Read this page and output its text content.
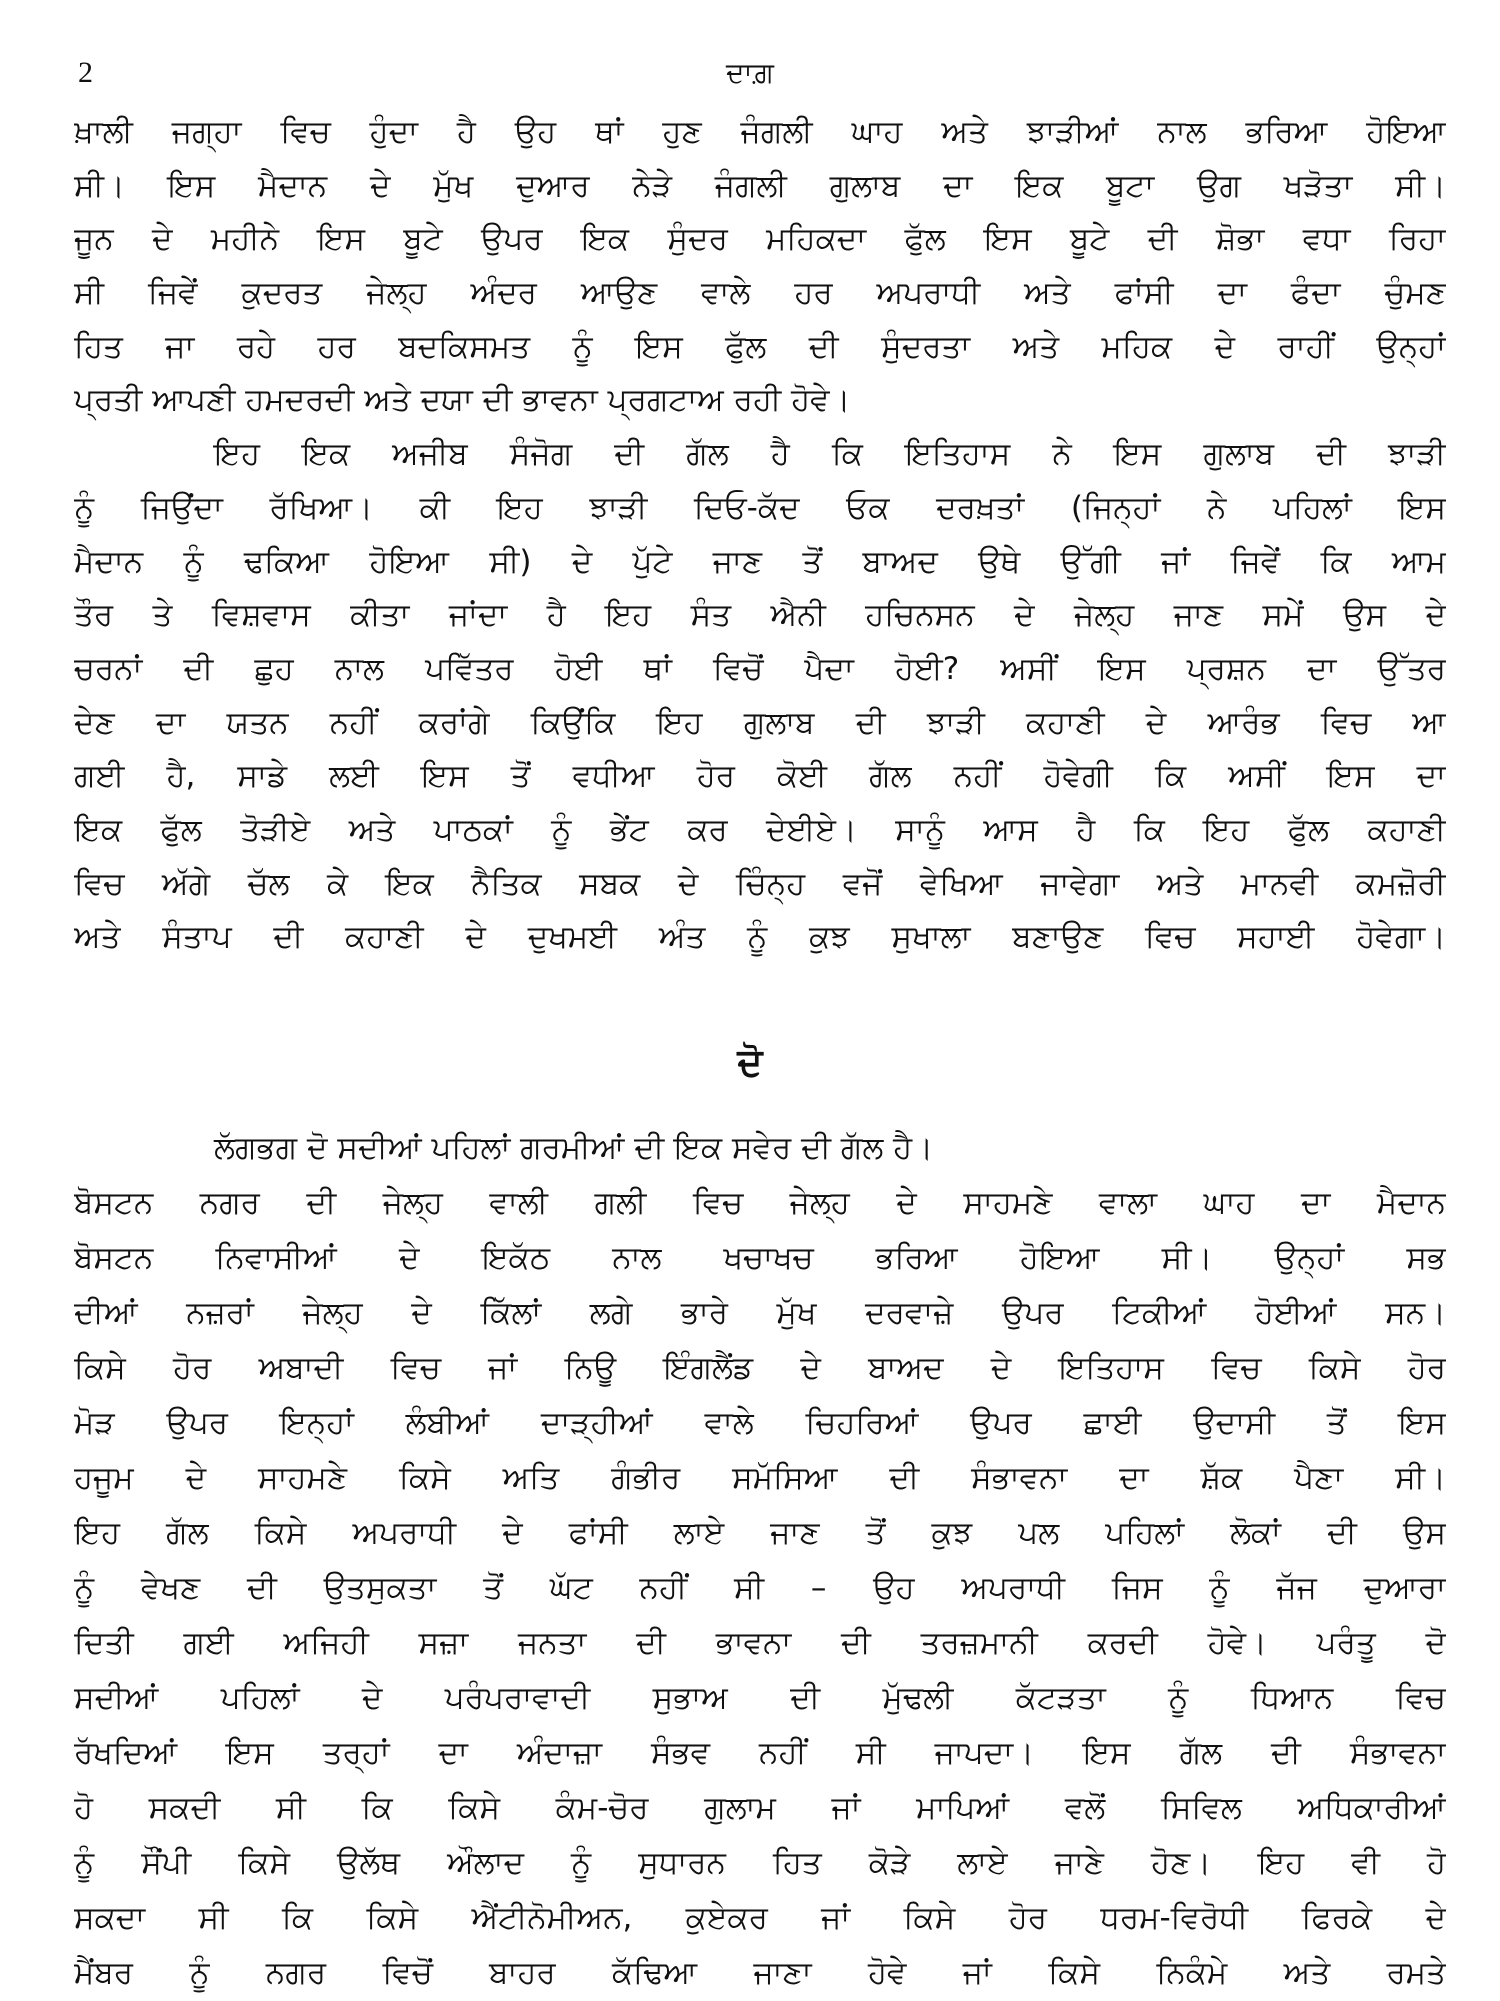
2	ਦਾਗ਼
ਖ਼ਾਲੀ ਜਗ੍ਹਾ ਵਿਚ ਹੁੰਦਾ ਹੈ ਉਹ ਥਾਂ ਹੁਣ ਜੰਗਲੀ ਘਾਹ ਅਤੇ ਝਾੜੀਆਂ ਨਾਲ ਭਰਿਆ ਹੋਇਆ
ਸੀ। ਇਸ ਮੈਦਾਨ ਦੇ ਮੁੱਖ ਦੁਆਰ ਨੇੜੇ ਜੰਗਲੀ ਗੁਲਾਬ ਦਾ ਇਕ ਬੂਟਾ ਉਗ ਖੜੋਤਾ ਸੀ।
ਜੂਨ ਦੇ ਮਹੀਨੇ ਇਸ ਬੂਟੇ ਉਪਰ ਇਕ ਸੁੰਦਰ ਮਹਿਕਦਾ ਫੁੱਲ ਇਸ ਬੂਟੇ ਦੀ ਸ਼ੋਭਾ ਵਧਾ ਰਿਹਾ
ਸੀ ਜਿਵੇਂ ਕੁਦਰਤ ਜੇਲ੍ਹ ਅੰਦਰ ਆਉਣ ਵਾਲੇ ਹਰ ਅਪਰਾਧੀ ਅਤੇ ਫਾਂਸੀ ਦਾ ਫੰਦਾ ਚੁੰਮਣ
ਹਿਤ ਜਾ ਰਹੇ ਹਰ ਬਦਕਿਸਮਤ ਨੂੰ ਇਸ ਫੁੱਲ ਦੀ ਸੁੰਦਰਤਾ ਅਤੇ ਮਹਿਕ ਦੇ ਰਾਹੀਂ ਉਨ੍ਹਾਂ
ਪ੍ਰਤੀ ਆਪਣੀ ਹਮਦਰਦੀ ਅਤੇ ਦਯਾ ਦੀ ਭਾਵਨਾ ਪ੍ਰਗਟਾਅ ਰਹੀ ਹੋਵੇ।
ਇਹ ਇਕ ਅਜੀਬ ਸੰਜੋਗ ਦੀ ਗੱਲ ਹੈ ਕਿ ਇਤਿਹਾਸ ਨੇ ਇਸ ਗੁਲਾਬ ਦੀ ਝਾੜੀ
ਨੂੰ ਜਿਉਂਦਾ ਰੱਖਿਆ। ਕੀ ਇਹ ਝਾੜੀ ਦਿਓ-ਕੱਦ ਓਕ ਦਰਖ਼ਤਾਂ (ਜਿਨ੍ਹਾਂ ਨੇ ਪਹਿਲਾਂ ਇਸ
ਮੈਦਾਨ ਨੂੰ ਢਕਿਆ ਹੋਇਆ ਸੀ) ਦੇ ਪੁੱਟੇ ਜਾਣ ਤੋਂ ਬਾਅਦ ਉਥੇ ਉੱਗੀ ਜਾਂ ਜਿਵੇਂ ਕਿ ਆਮ
ਤੌਰ ਤੇ ਵਿਸ਼ਵਾਸ ਕੀਤਾ ਜਾਂਦਾ ਹੈ ਇਹ ਸੰਤ ਐਨੀ ਹਚਿਨਸਨ ਦੇ ਜੇਲ੍ਹ ਜਾਣ ਸਮੇਂ ਉਸ ਦੇ
ਚਰਨਾਂ ਦੀ ਛੁਹ ਨਾਲ ਪਵਿੱਤਰ ਹੋਈ ਥਾਂ ਵਿਚੋਂ ਪੈਦਾ ਹੋਈ? ਅਸੀਂ ਇਸ ਪ੍ਰਸ਼ਨ ਦਾ ਉੱਤਰ
ਦੇਣ ਦਾ ਯਤਨ ਨਹੀਂ ਕਰਾਂਗੇ ਕਿਉਂਕਿ ਇਹ ਗੁਲਾਬ ਦੀ ਝਾੜੀ ਕਹਾਣੀ ਦੇ ਆਰੰਭ ਵਿਚ ਆ
ਗਈ ਹੈ, ਸਾਡੇ ਲਈ ਇਸ ਤੋਂ ਵਧੀਆ ਹੋਰ ਕੋਈ ਗੱਲ ਨਹੀਂ ਹੋਵੇਗੀ ਕਿ ਅਸੀਂ ਇਸ ਦਾ
ਇਕ ਫੁੱਲ ਤੋੜੀਏ ਅਤੇ ਪਾਠਕਾਂ ਨੂੰ ਭੇਂਟ ਕਰ ਦੇਈਏ। ਸਾਨੂੰ ਆਸ ਹੈ ਕਿ ਇਹ ਫੁੱਲ ਕਹਾਣੀ
ਵਿਚ ਅੱਗੇ ਚੱਲ ਕੇ ਇਕ ਨੈਤਿਕ ਸਬਕ ਦੇ ਚਿੰਨ੍ਹ ਵਜੋਂ ਵੇਖਿਆ ਜਾਵੇਗਾ ਅਤੇ ਮਾਨਵੀ ਕਮਜ਼ੋਰੀ
ਅਤੇ ਸੰਤਾਪ ਦੀ ਕਹਾਣੀ ਦੇ ਦੁਖਮਈ ਅੰਤ ਨੂੰ ਕੁਝ ਸੁਖਾਲਾ ਬਣਾਉਣ ਵਿਚ ਸਹਾਈ ਹੋਵੇਗਾ।
ਦੋ
ਲੱਗਭਗ ਦੋ ਸਦੀਆਂ ਪਹਿਲਾਂ ਗਰਮੀਆਂ ਦੀ ਇਕ ਸਵੇਰ ਦੀ ਗੱਲ ਹੈ।
ਬੋਸਟਨ ਨਗਰ ਦੀ ਜੇਲ੍ਹ ਵਾਲੀ ਗਲੀ ਵਿਚ ਜੇਲ੍ਹ ਦੇ ਸਾਹਮਣੇ ਵਾਲਾ ਘਾਹ ਦਾ ਮੈਦਾਨ
ਬੋਸਟਨ ਨਿਵਾਸੀਆਂ ਦੇ ਇਕੱਠ ਨਾਲ ਖਚਾਖਚ ਭਰਿਆ ਹੋਇਆ ਸੀ। ਉਨ੍ਹਾਂ ਸਭ
ਦੀਆਂ ਨਜ਼ਰਾਂ ਜੇਲ੍ਹ ਦੇ ਕਿੱਲਾਂ ਲਗੇ ਭਾਰੇ ਮੁੱਖ ਦਰਵਾਜ਼ੇ ਉਪਰ ਟਿਕੀਆਂ ਹੋਈਆਂ ਸਨ।
ਕਿਸੇ ਹੋਰ ਅਬਾਦੀ ਵਿਚ ਜਾਂ ਨਿਊ ਇੰਗਲੈਂਡ ਦੇ ਬਾਅਦ ਦੇ ਇਤਿਹਾਸ ਵਿਚ ਕਿਸੇ ਹੋਰ
ਮੋੜ ਉਪਰ ਇਨ੍ਹਾਂ ਲੰਬੀਆਂ ਦਾੜ੍ਹੀਆਂ ਵਾਲੇ ਚਿਹਰਿਆਂ ਉਪਰ ਛਾਈ ਉਦਾਸੀ ਤੋਂ ਇਸ
ਹਜੂਮ ਦੇ ਸਾਹਮਣੇ ਕਿਸੇ ਅਤਿ ਗੰਭੀਰ ਸਮੱਸਿਆ ਦੀ ਸੰਭਾਵਨਾ ਦਾ ਸ਼ੱਕ ਪੈਣਾ ਸੀ।
ਇਹ ਗੱਲ ਕਿਸੇ ਅਪਰਾਧੀ ਦੇ ਫਾਂਸੀ ਲਾਏ ਜਾਣ ਤੋਂ ਕੁਝ ਪਲ ਪਹਿਲਾਂ ਲੋਕਾਂ ਦੀ ਉਸ
ਨੂੰ ਵੇਖਣ ਦੀ ਉਤਸੁਕਤਾ ਤੋਂ ਘੱਟ ਨਹੀਂ ਸੀ – ਉਹ ਅਪਰਾਧੀ ਜਿਸ ਨੂੰ ਜੱਜ ਦੁਆਰਾ
ਦਿਤੀ ਗਈ ਅਜਿਹੀ ਸਜ਼ਾ ਜਨਤਾ ਦੀ ਭਾਵਨਾ ਦੀ ਤਰਜ਼ਮਾਨੀ ਕਰਦੀ ਹੋਵੇ। ਪਰੰਤੂ ਦੋ
ਸਦੀਆਂ ਪਹਿਲਾਂ ਦੇ ਪਰੰਪਰਾਵਾਦੀ ਸੁਭਾਅ ਦੀ ਮੁੱਢਲੀ ਕੱਟੜਤਾ ਨੂੰ ਧਿਆਨ ਵਿਚ
ਰੱਖਦਿਆਂ ਇਸ ਤਰ੍ਹਾਂ ਦਾ ਅੰਦਾਜ਼ਾ ਸੰਭਵ ਨਹੀਂ ਸੀ ਜਾਪਦਾ। ਇਸ ਗੱਲ ਦੀ ਸੰਭਾਵਨਾ
ਹੋ ਸਕਦੀ ਸੀ ਕਿ ਕਿਸੇ ਕੰਮ-ਚੋਰ ਗੁਲਾਮ ਜਾਂ ਮਾਪਿਆਂ ਵਲੋਂ ਸਿਵਿਲ ਅਧਿਕਾਰੀਆਂ
ਨੂੰ ਸੌਂਪੀ ਕਿਸੇ ਉਲੱਥ ਔਲਾਦ ਨੂੰ ਸੁਧਾਰਨ ਹਿਤ ਕੋੜੇ ਲਾਏ ਜਾਣੇ ਹੋਣ। ਇਹ ਵੀ ਹੋ
ਸਕਦਾ ਸੀ ਕਿ ਕਿਸੇ ਐਂਟੀਨੋਮੀਅਨ, ਕੁਏਕਰ ਜਾਂ ਕਿਸੇ ਹੋਰ ਧਰਮ-ਵਿਰੋਧੀ ਫਿਰਕੇ ਦੇ
ਮੈਂਬਰ ਨੂੰ ਨਗਰ ਵਿਚੋਂ ਬਾਹਰ ਕੱਢਿਆ ਜਾਣਾ ਹੋਵੇ ਜਾਂ ਕਿਸੇ ਨਿਕੰਮੇ ਅਤੇ ਰਮਤੇ
